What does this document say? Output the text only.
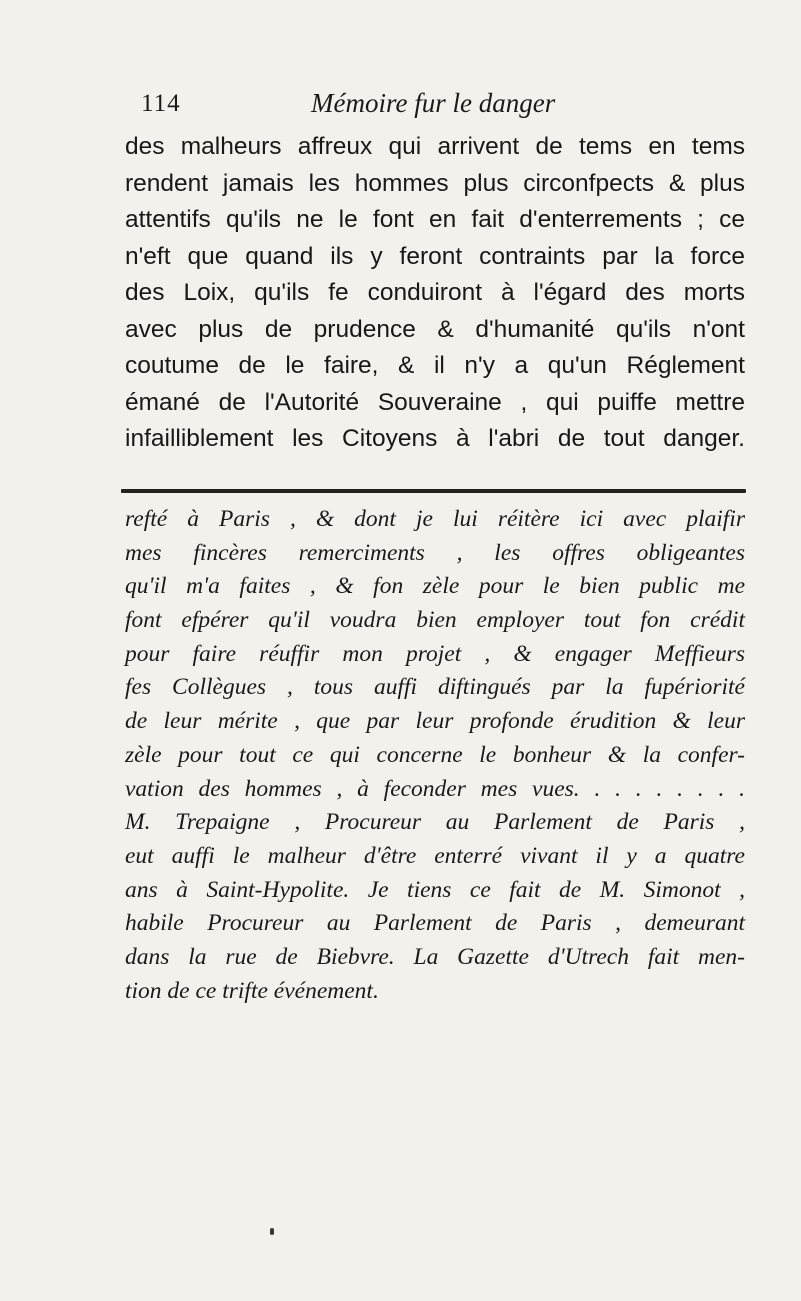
114	Mémoire fur le danger
des malheurs affreux qui arrivent de tems en tems
rendent jamais les hommes plus circonfpects & plus
attentifs qu'ils ne le font en fait d'enterrements ; ce
n'eft que quand ils y feront contraints par la force
des Loix, qu'ils fe conduiront à l'égard des morts
avec plus de prudence & d'humanité qu'ils n'ont
coutume de le faire, & il n'y a qu'un Réglement
émané de l'Autorité Souveraine , qui puiffe mettre
infailliblement les Citoyens à l'abri de tout danger.
refté à Paris , & dont je lui réitère ici avec plaifir
mes fincères remerciments , les offres obligeantes
qu'il m'a faites , & fon zèle pour le bien public me
font efpérer qu'il voudra bien employer tout fon crédit
pour faire réuffir mon projet , & engager Meffieurs
fes Collègues , tous auffi diftingués par la fupériorité
de leur mérite , que par leur profonde érudition & leur
zèle pour tout ce qui concerne le bonheur & la confer-
vation des hommes , à feconder mes vues. . . . . . . . .
M. Trepaigne , Procureur au Parlement de Paris ,
eut auffi le malheur d'être enterré vivant il y a quatre
ans à Saint-Hypolite. Je tiens ce fait de M. Simonot ,
habile Procureur au Parlement de Paris , demeurant
dans la rue de Biebvre. La Gazette d'Utrech fait men-
tion de ce trifte événement.
